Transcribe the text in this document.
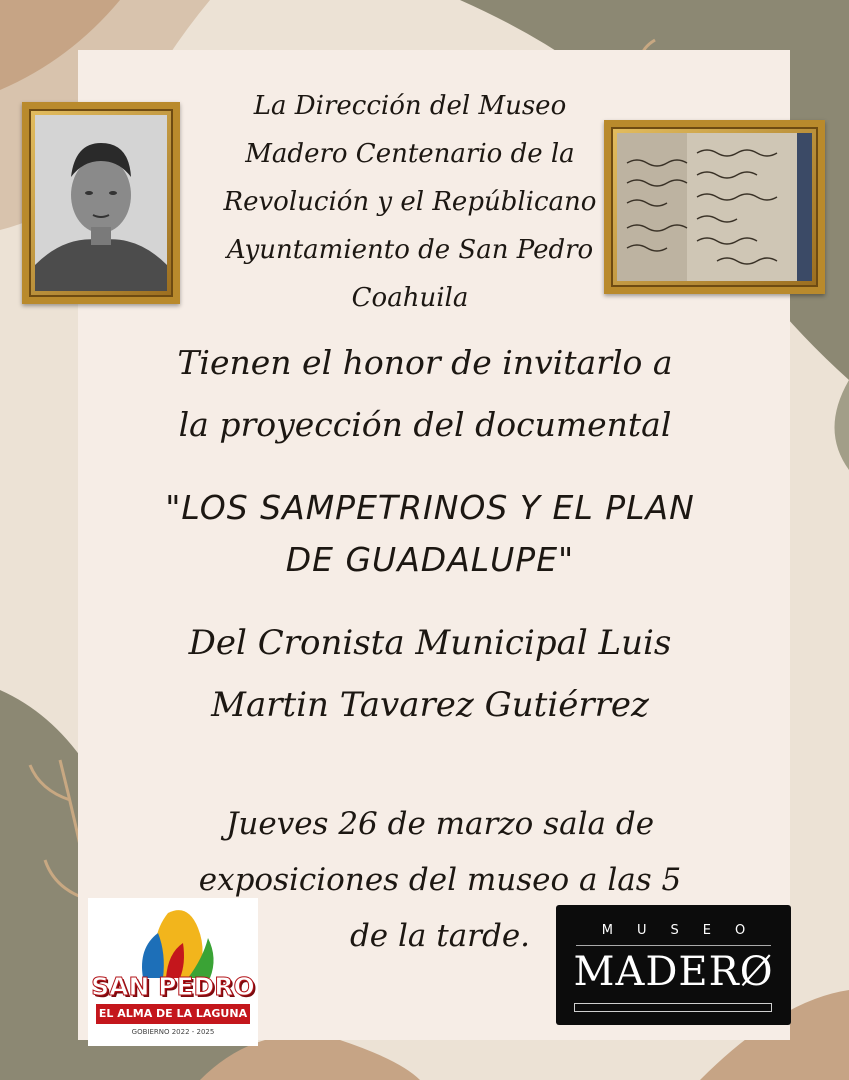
La Dirección del Museo
Madero Centenario de la
Revolución y el Repúblicano
Ayuntamiento de San Pedro
Coahuila
Tienen el honor de invitarlo a
la proyección del documental
"LOS SAMPETRINOS Y EL PLAN
DE GUADALUPE"
Del Cronista Municipal Luis
Martin Tavarez Gutiérrez
Jueves 26 de marzo sala de
exposiciones del museo a las 5
de la tarde.
SAN PEDRO
EL ALMA DE LA LAGUNA
GOBIERNO 2022 - 2025
MUSEO
MADERØ
